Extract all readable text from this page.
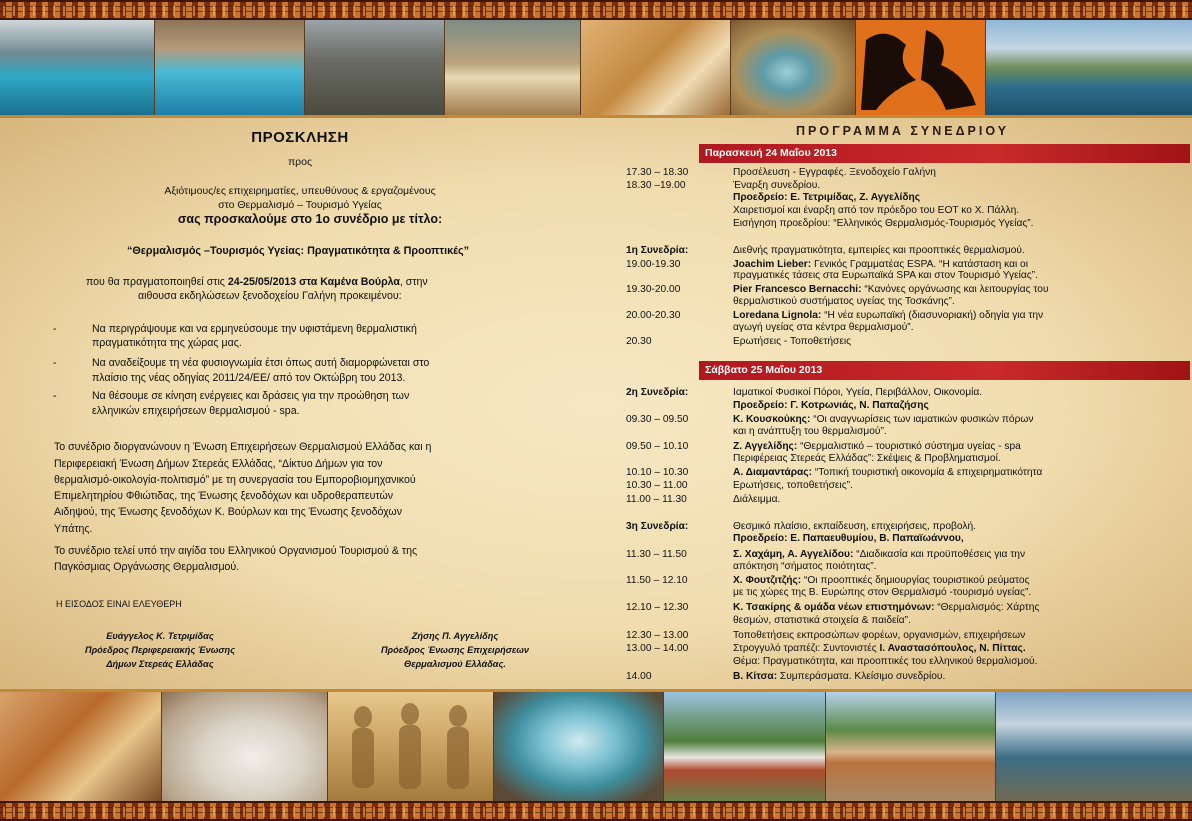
ΠΡΟΣΚΛΗΣΗ
προς
Αξιότιμους/ες επιχειρηματίες, υπευθύνους & εργαζομένους
στο Θερμαλισμό – Τουρισμό Υγείας
σας προσκαλούμε στο 1ο συνέδριο με τίτλο:
“Θερμαλισμός –Τουρισμός Υγείας: Πραγματικότητα & Προοπτικές”
που θα πραγματοποιηθεί στις 24-25/05/2013 στα Καμένα Βούρλα, στην
αιθουσα εκδηλώσεων ξενοδοχείου Γαλήνη προκειμένου:
-	Να περιγράψουμε και να ερμηνεύσουμε την υφιστάμενη θερμαλιστική
πραγματικότητα της χώρας μας.
-	Να αναδείξουμε τη νέα φυσιογνωμία έτσι όπως αυτή διαμορφώνεται στο
πλαίσιο της νέας οδηγίας 2011/24/ΕΕ/ από τον Οκτώβρη του 2013.
-	Να θέσουμε σε κίνηση ενέργειες και δράσεις για την προώθηση των
ελληνικών επιχειρήσεων θερμαλισμού - spa.
Το συνέδριο διοργανώνουν η Ένωση Επιχειρήσεων Θερμαλισμού Ελλάδας και η
Περιφερειακή Ένωση Δήμων Στερεάς Ελλάδας, “Δίκτυο Δήμων για τον
θερμαλισμό-οικολογία-πολιτισμό” με τη συνεργασία του Εμποροβιομηχανικού
Επιμελητηρίου Φθιώτιδας, της Ένωσης ξενοδόχων και υδροθεραπευτών
Αιδηψού, της Ένωσης ξενοδόχων Κ. Βούρλων και της Ένωσης ξενοδόχων
Υπάτης.
Το συνέδριο τελεί υπό την αιγίδα του Ελληνικού Οργανισμού Τουρισμού & της
Παγκόσμιας Οργάνωσης Θερμαλισμού.
Η ΕΙΣΟΔΟΣ ΕΙΝΑΙ ΕΛΕΥΘΕΡΗ
Ευάγγελος Κ. Τετριμίδας
Πρόεδρος Περιφερειακής Ένωσης
Δήμων Στερεάς Ελλάδας
Ζήσης Π. Αγγελίδης
Πρόεδρος Ένωσης Επιχειρήσεων
Θερμαλισμού Ελλάδας.
ΠΡΟΓΡΑΜΜΑ ΣΥΝΕΔΡΙΟΥ
Παρασκευή 24 Μαΐου 2013
Σάββατο 25 Μαΐου 2013
17.30 – 18.30	Προσέλευση - Εγγραφές. Ξενοδοχείο Γαλήνη
18.30 –19.00	Έναρξη συνεδρίου.
Προεδρείο: Ε. Τετριμίδας, Ζ. Αγγελίδης
Χαιρετισμοί και έναρξη από τον πρόεδρο του ΕΟΤ κο Χ. Πάλλη.
Εισήγηση προεδρίου: “Ελληνικός Θερμαλισμός-Τουρισμός Υγείας”.
1η Συνεδρία:	Διεθνής πραγματικότητα, εμπειρίες και προοπτικές θερμαλισμού.
19.00-19.30	Joachim Lieber: Γενικός Γραμματέας ESPA. “Η κατάσταση και οι
πραγματικές τάσεις στα Ευρωπαϊκά SPA και στον Τουρισμό Υγείας”.
19.30-20.00	Pier Francesco Bernacchi: “Κανόνες οργάνωσης και λειτουργίας του
θερμαλιστικού συστήματος υγείας της Τοσκάνης”.
20.00-20.30	Loredana Lignola: “Η νέα ευρωπαϊκή (διασυνοριακή) οδηγία για την
αγωγή υγείας στα κέντρα θερμαλισμού”.
20.30	Ερωτήσεις - Τοποθετήσεις
2η Συνεδρία:	Ιαματικοί Φυσικοί Πόροι, Υγεία, Περιβάλλον, Οικονομία.
Προεδρείο: Γ. Κοτρωνιάς, Ν. Παπαζήσης
09.30 – 09.50	Κ. Κουσκούκης: “Οι αναγνωρίσεις των ιαματικών φυσικών πόρων
και η ανάπτυξη του θερμαλισμού”.
09.50 – 10.10	Ζ. Αγγελίδης: “Θερμαλιστικό – τουριστικό σύστημα υγείας - spa
Περιφέρειας Στερεάς Ελλάδας”: Σκέψεις & Προβληματισμοί.
10.10 – 10.30	Α. Διαμαντάρας: “Τοπική τουριστική οικονομία & επιχειρηματικότητα
10.30 – 11.00	Ερωτήσεις, τοποθετήσεις”.
11.00 – 11.30	Διάλειμμα.
3η Συνεδρία:	Θεσμικό πλαίσιο, εκπαίδευση, επιχειρήσεις, προβολή.
Προεδρείο: Ε. Παπαευθυμίου, Β. Παπαϊωάννου,
11.30 – 11.50	Σ. Χαχάμη, Α. Αγγελίδου: “Διαδικασία και προϋποθέσεις για την
απόκτηση “σήματος ποιότητας”.
11.50 – 12.10	Χ. Φουτζιτζής: “Οι προοπτικές δημιουργίας τουριστικού ρεύματος
με τις χώρες της Β. Ευρώπης στον Θερμαλισμό -τουρισμό υγείας”.
12.10 – 12.30	Κ. Τσακίρης & ομάδα νέων επιστημόνων: “Θερμαλισμός: Χάρτης
θεσμών, στατιστικά στοιχεία & παιδεία”.
12.30 – 13.00	Τοποθετήσεις εκπροσώπων φορέων, οργανισμών, επιχειρήσεων
13.00 – 14.00	Στρογγυλό τραπέζι: Συντονιστές Ι. Αναστασόπουλος, Ν. Πίττας.
Θέμα: Πραγματικότητα, και προοπτικές του ελληνικού θερμαλισμού.
14.00	Β. Κίτσα: Συμπεράσματα. Κλείσιμο συνεδρίου.
